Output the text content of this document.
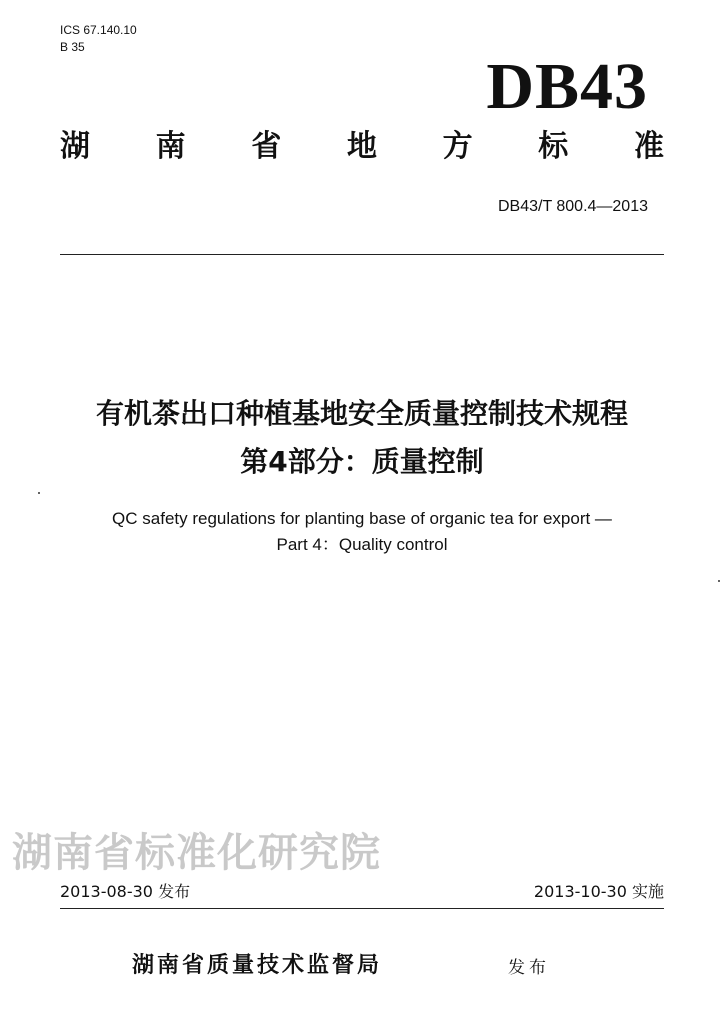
ICS 67.140.10
B 35
DB43
湖 南 省 地 方 标 准
DB43/T 800.4—2013
有机茶出口种植基地安全质量控制技术规程
第4部分：质量控制
QC safety regulations for planting base of organic tea for export —
Part 4：Quality control
湖南省标准化研究院
2013-08-30 发布	2013-10-30 实施
湖南省质量技术监督局	发布
